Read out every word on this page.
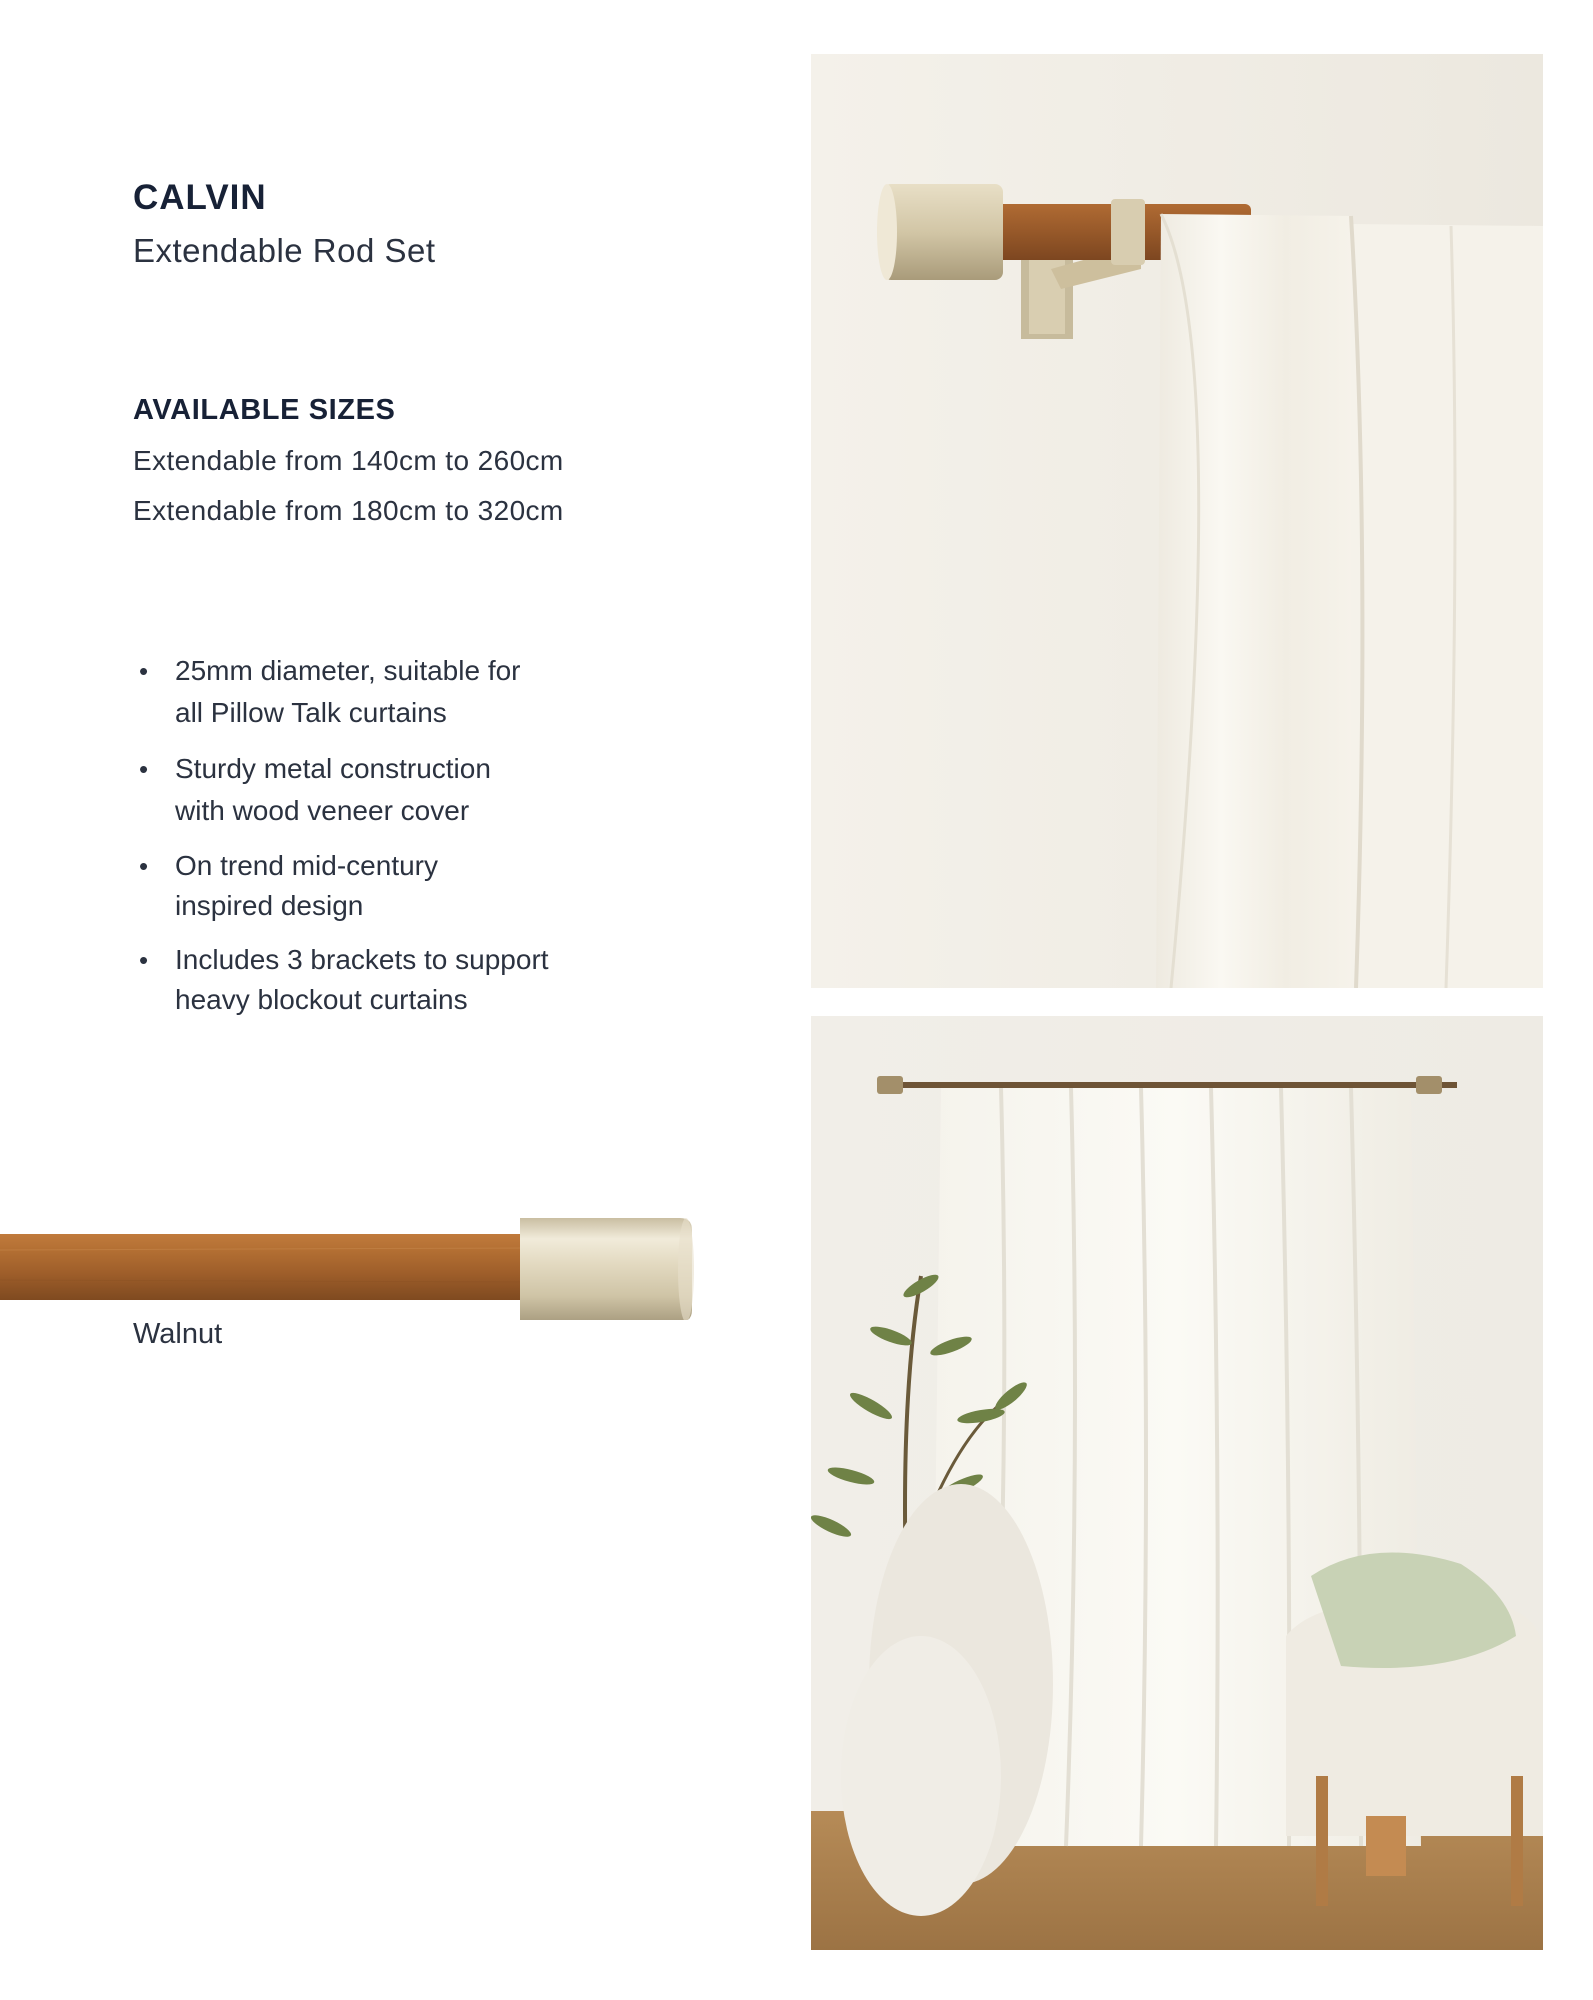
CALVIN
Extendable Rod Set
AVAILABLE SIZES
Extendable from 140cm to 260cm
Extendable from 180cm to 320cm
• 25mm diameter, suitable for
all Pillow Talk curtains
• Sturdy metal construction
with wood veneer cover
• On trend mid-century
inspired design
• Includes 3 brackets to support
heavy blockout curtains
Walnut
